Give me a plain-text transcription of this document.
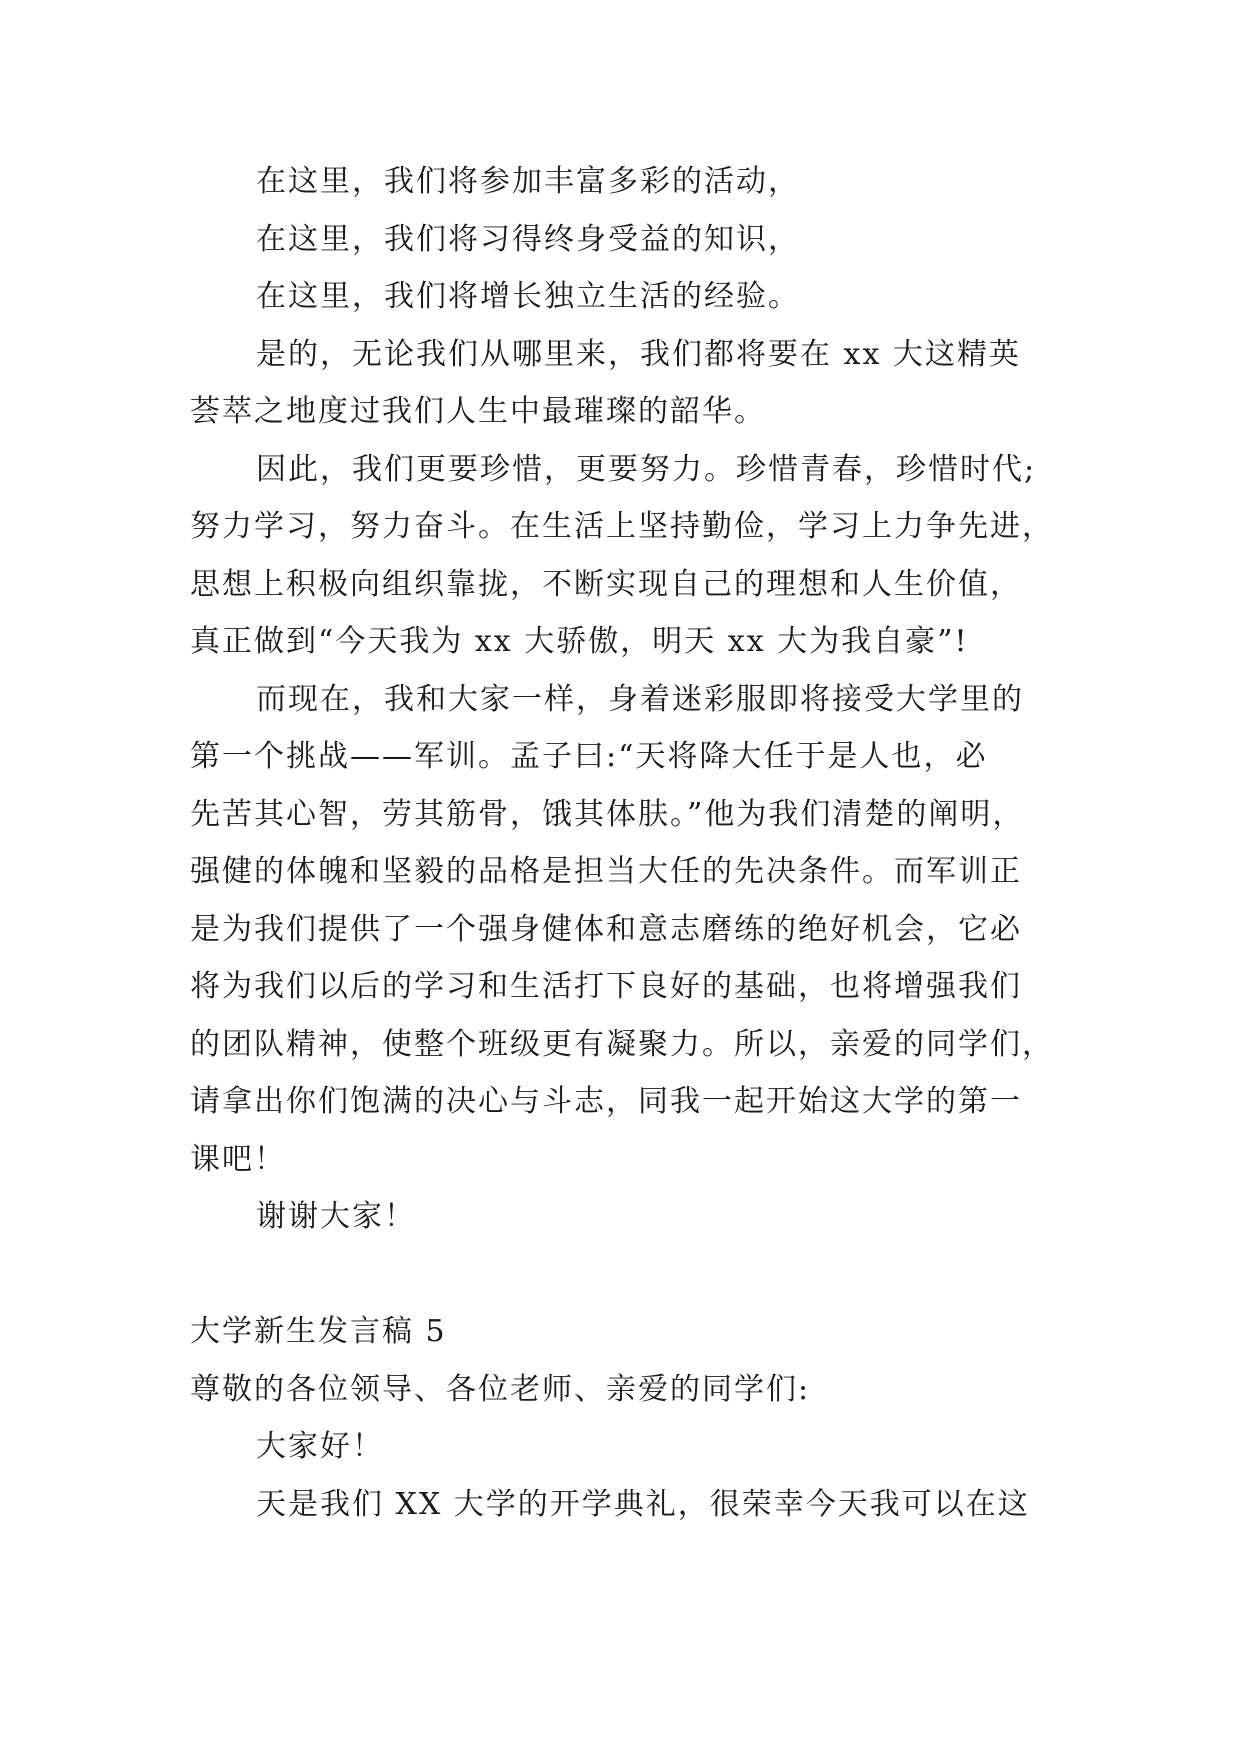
在这里，我们将参加丰富多彩的活动，
在这里，我们将习得终身受益的知识，
在这里，我们将增长独立生活的经验。
是的，无论我们从哪里来，我们都将要在 xx 大这精英
荟萃之地度过我们人生中最璀璨的韶华。
因此，我们更要珍惜，更要努力。珍惜青春，珍惜时代;
努力学习，努力奋斗。在生活上坚持勤俭，学习上力争先进，
思想上积极向组织靠拢，不断实现自己的理想和人生价值，
真正做到“今天我为 xx 大骄傲，明天 xx 大为我自豪”!
而现在，我和大家一样，身着迷彩服即将接受大学里的
第一个挑战——军训。孟子曰:“天将降大任于是人也，必
先苦其心智，劳其筋骨，饿其体肤。”他为我们清楚的阐明，
强健的体魄和坚毅的品格是担当大任的先决条件。而军训正
是为我们提供了一个强身健体和意志磨练的绝好机会，它必
将为我们以后的学习和生活打下良好的基础，也将增强我们
的团队精神，使整个班级更有凝聚力。所以，亲爱的同学们，
请拿出你们饱满的决心与斗志，同我一起开始这大学的第一
课吧！
谢谢大家！
大学新生发言稿 5
尊敬的各位领导、各位老师、亲爱的同学们:
大家好！
天是我们 XX 大学的开学典礼，很荣幸今天我可以在这
